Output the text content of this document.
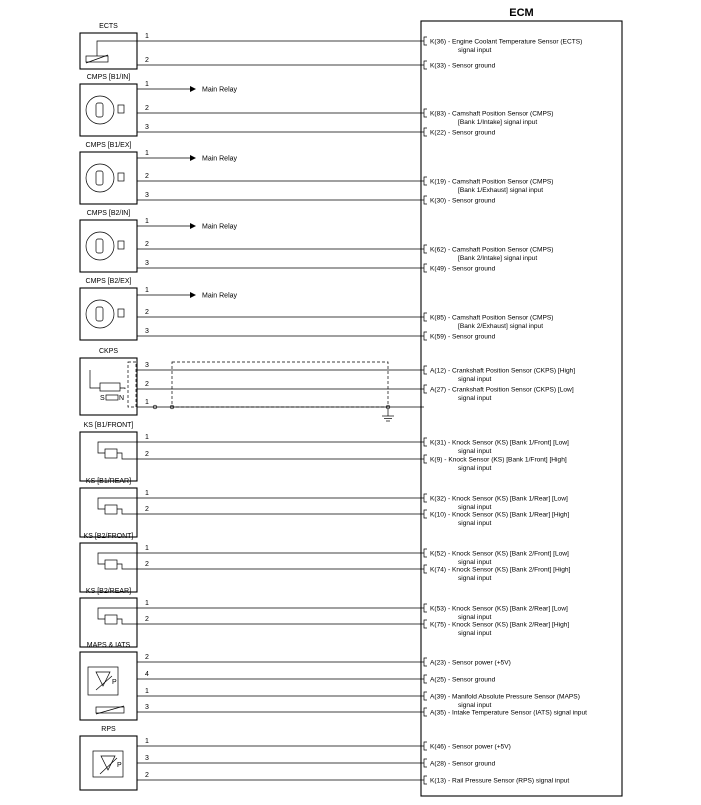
ECM
K(36) - Engine Coolant Temperature Sensor (ECTS)
signal input
K(33) - Sensor ground
K(83) - Camshaft Position Sensor (CMPS)
[Bank 1/Intake] signal input
K(22) - Sensor ground
K(19) - Camshaft Position Sensor (CMPS)
[Bank 1/Exhaust] signal input
K(30) - Sensor ground
K(62) - Camshaft Position Sensor (CMPS)
[Bank 2/Intake] signal input
K(49) - Sensor ground
K(85) - Camshaft Position Sensor (CMPS)
[Bank 2/Exhaust] signal input
K(59) - Sensor ground
A(12) - Crankshaft Position Sensor (CKPS) [High]
signal input
A(27) - Crankshaft Position Sensor (CKPS) [Low]
signal input
K(31) - Knock Sensor (KS) [Bank 1/Front] [Low]
signal input
K(9) - Knock Sensor (KS) [Bank 1/Front] [High]
signal input
K(32) - Knock Sensor (KS) [Bank 1/Rear] [Low]
signal input
K(10) - Knock Sensor (KS) [Bank 1/Rear] [High]
signal input
K(52) - Knock Sensor (KS) [Bank 2/Front] [Low]
signal input
K(74) - Knock Sensor (KS) [Bank 2/Front] [High]
signal input
K(53) - Knock Sensor (KS) [Bank 2/Rear] [Low]
signal input
K(75) - Knock Sensor (KS) [Bank 2/Rear] [High]
signal input
A(23) - Sensor power (+5V)
A(25) - Sensor ground
A(39) - Manifold Absolute Pressure Sensor (MAPS)
signal input
A(35) - Intake Temperature Sensor (IATS) signal input
K(46) - Sensor power (+5V)
A(28) - Sensor ground
K(13) - Rail Pressure Sensor (RPS) signal input
ECTS
1
2
CMPS [B1/IN]
1
Main Relay
2
3
CMPS [B1/EX]
1
Main Relay
2
3
CMPS [B2/IN]
1
Main Relay
2
3
CMPS [B2/EX]
1
Main Relay
2
3
CKPS
S N
3
2
1
KS [B1/FRONT]
1
2
KS [B1/REAR]
1
2
KS [B2/FRONT]
1
2
KS [B2/REAR]
1
2
MAPS & IATS
P
2
4
1
3
RPS
P
1
3
2
